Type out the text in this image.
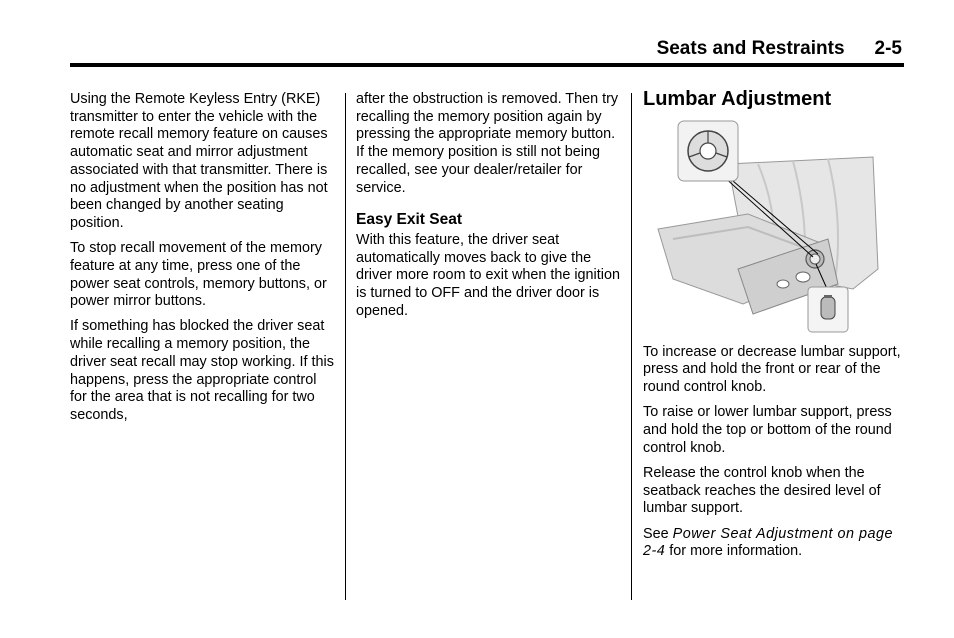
Seats and Restraints 2-5

Using the Remote Keyless Entry (RKE) transmitter to enter the vehicle with the remote recall memory feature on causes automatic seat and mirror adjustment associated with that transmitter. There is no adjustment when the position has not been changed by another seating position.

To stop recall movement of the memory feature at any time, press one of the power seat controls, memory buttons, or power mirror buttons.

If something has blocked the driver seat while recalling a memory position, the driver seat recall may stop working. If this happens, press the appropriate control for the area that is not recalling for two seconds,

after the obstruction is removed. Then try recalling the memory position again by pressing the appropriate memory button. If the memory position is still not being recalled, see your dealer/retailer for service.

Easy Exit Seat

With this feature, the driver seat automatically moves back to give the driver more room to exit when the ignition is turned to OFF and the driver door is opened.

Lumbar Adjustment

To increase or decrease lumbar support, press and hold the front or rear of the round control knob.

To raise or lower lumbar support, press and hold the top or bottom of the round control knob.

Release the control knob when the seatback reaches the desired level of lumbar support.

See Power Seat Adjustment on page 2-4 for more information.
